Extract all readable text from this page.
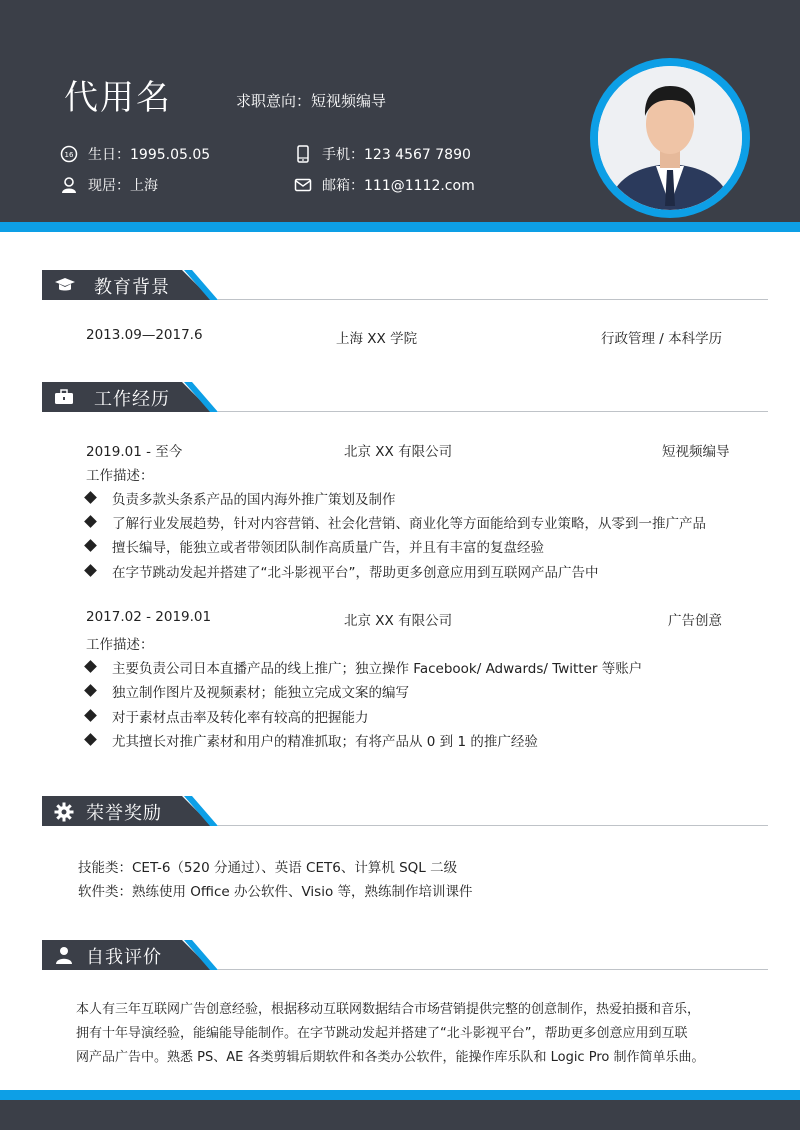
代用名	求职意向：短视频编导
16 生日：1995.05.05
现居：上海
手机：123 4567 7890
邮箱：111@1112.com
教育背景
2013.09—2017.6	上海 XX 学院	行政管理 / 本科学历
工作经历
2019.01 - 至今	北京 XX 有限公司	短视频编导
工作描述：
负责多款头条系产品的国内海外推广策划及制作
了解行业发展趋势，针对内容营销、社会化营销、商业化等方面能给到专业策略，从零到一推广产品
擅长编导，能独立或者带领团队制作高质量广告，并且有丰富的复盘经验
在字节跳动发起并搭建了“北斗影视平台”，帮助更多创意应用到互联网产品广告中
2017.02 - 2019.01	北京 XX 有限公司	广告创意
工作描述：
主要负责公司日本直播产品的线上推广；独立操作 Facebook/ Adwards/ Twitter 等账户
独立制作图片及视频素材；能独立完成文案的编写
对于素材点击率及转化率有较高的把握能力
尤其擅长对推广素材和用户的精准抓取；有将产品从 0 到 1 的推广经验
荣誉奖励
技能类：CET-6（520 分通过）、英语 CET6、计算机 SQL 二级
软件类：熟练使用 Office 办公软件、Visio 等，熟练制作培训课件
自我评价
本人有三年互联网广告创意经验，根据移动互联网数据结合市场营销提供完整的创意制作，热爱拍摄和音乐，
拥有十年导演经验，能编能导能制作。在字节跳动发起并搭建了“北斗影视平台”，帮助更多创意应用到互联
网产品广告中。熟悉 PS、AE 各类剪辑后期软件和各类办公软件，能操作库乐队和 Logic Pro 制作简单乐曲。
